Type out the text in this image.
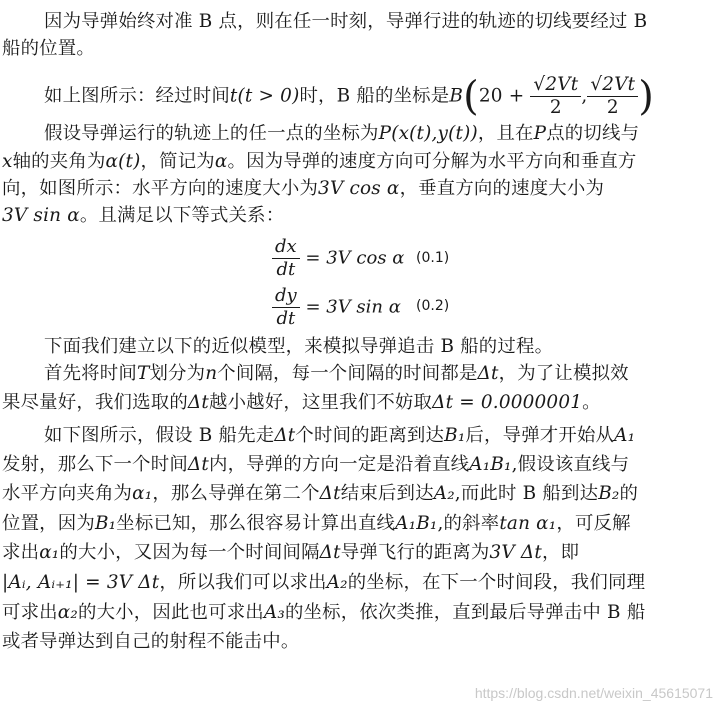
因为导弹始终对准 B 点，则在任一时刻，导弹行进的轨迹的切线要经过 B
船的位置。
如上图所示：经过时间t(t > 0)时，B 船的坐标是$B(20 + \frac{√2Vt}{2}$ , $\frac{√2Vt}{2}$ )
假设导弹运行的轨迹上的任一点的坐标为P(x(t),y(t))，且在P点的切线与
x轴的夹角为α(t)，简记为α。因为导弹的速度方向可分解为水平方向和垂直方
向，如图所示：水平方向的速度大小为3V cos α，垂直方向的速度大小为
3V sin α。且满足以下等式关系：
$\frac{dx}{dt} = 3V$ cos α (0.1)
$\frac{dy}{dt} = 3V$ sin α (0.2)
下面我们建立以下的近似模型，来模拟导弹追击 B 船的过程。
首先将时间T划分为n个间隔，每一个间隔的时间都是Δt，为了让模拟效
果尽量好，我们选取的Δt越小越好，这里我们不妨取Δt = 0.0000001。
如下图所示，假设 B 船先走Δt个时间的距离到达B₁后，导弹才开始从A₁
发射，那么下一个时间Δt内，导弹的方向一定是沿着直线A₁B₁,假设该直线与
水平方向夹角为α₁，那么导弹在第二个Δt结束后到达A₂,而此时 B 船到达B₂的
位置，因为B₁坐标已知，那么很容易计算出直线A₁B₁,的斜率tan α₁，可反解
求出α₁的大小，又因为每一个时间间隔Δt导弹飞行的距离为3V Δt，即
|Aᵢ, Aᵢ₊₁| = 3V Δt，所以我们可以求出A₂的坐标，在下一个时间段，我们同理
可求出α₂的大小，因此也可求出A₃的坐标，依次类推，直到最后导弹击中 B 船
或者导弹达到自己的射程不能击中。
https://blog.csdn.net/weixin_45615071
